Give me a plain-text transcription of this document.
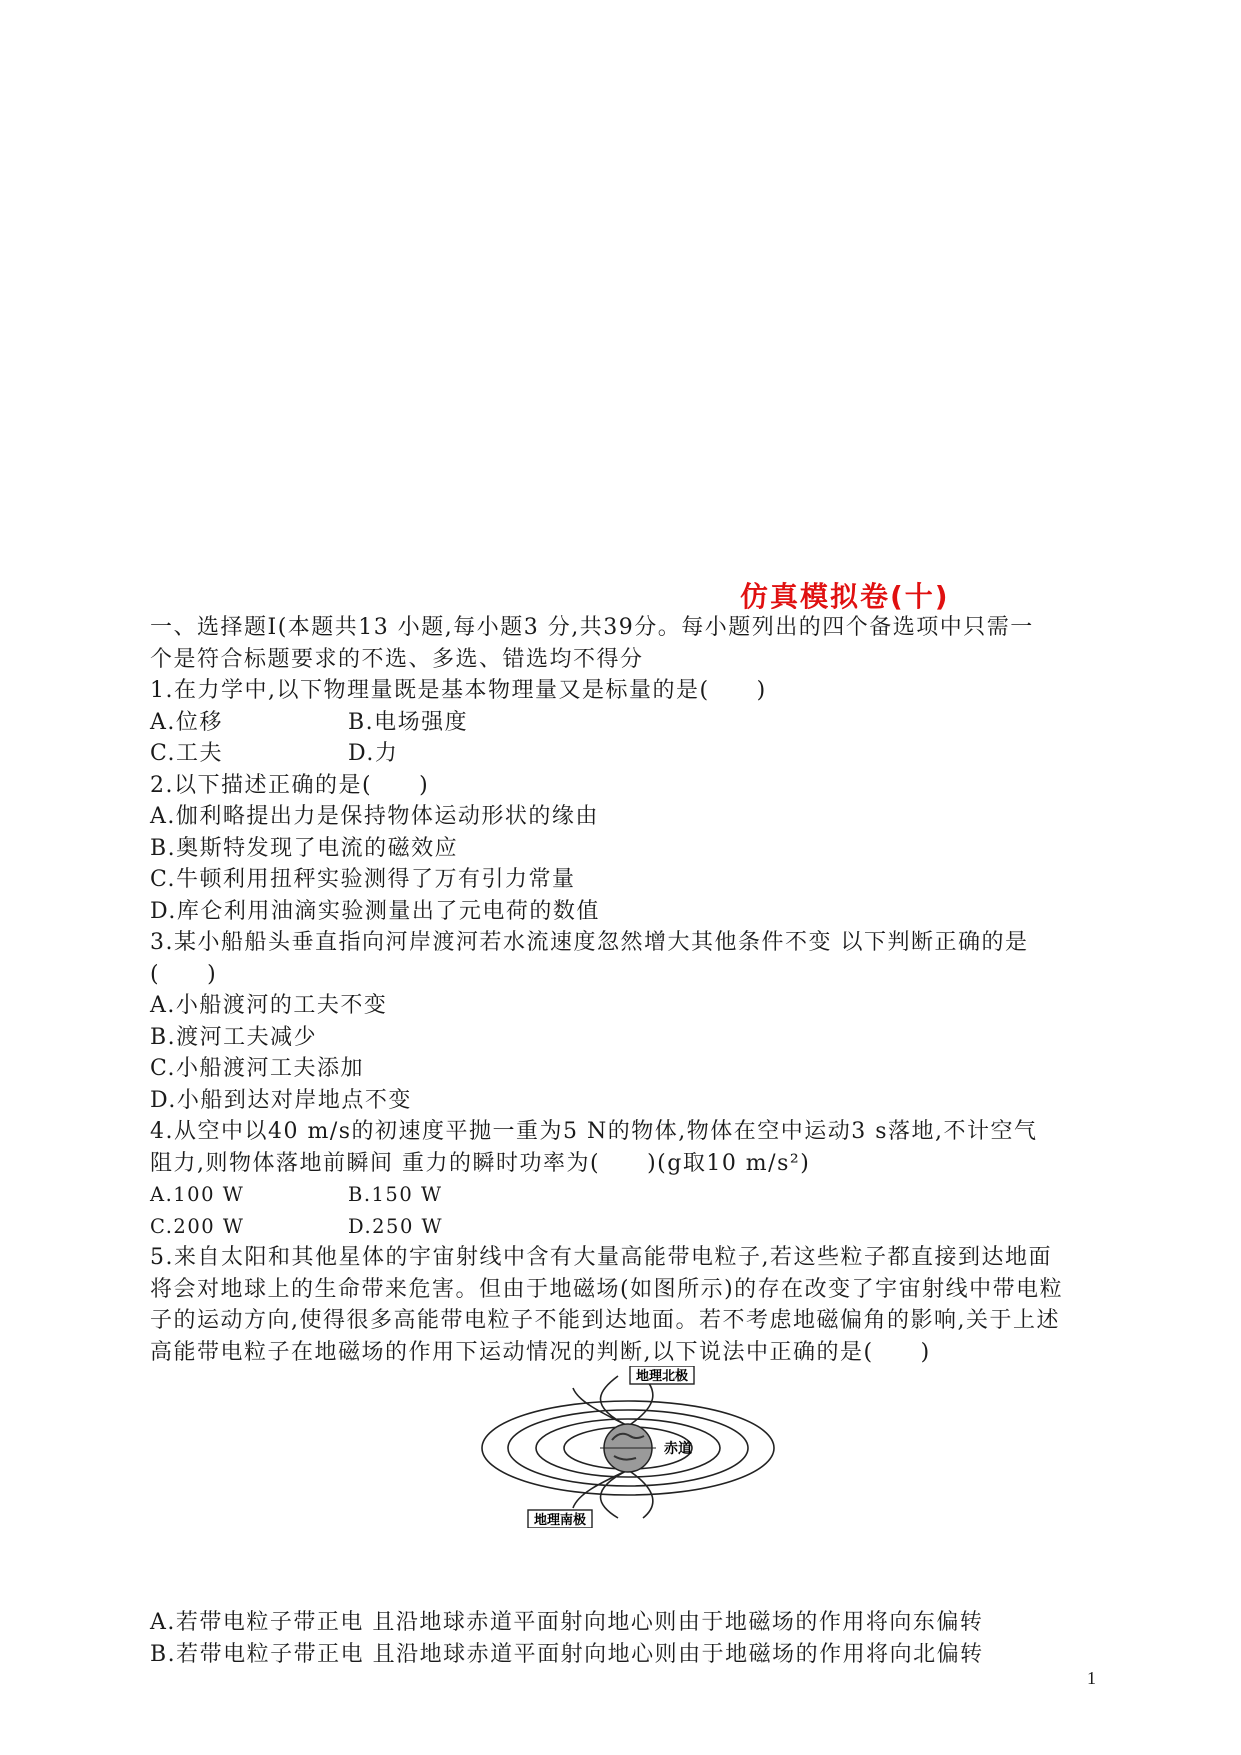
仿真模拟卷(十)
一、选择题Ⅰ(本题共13 小题,每小题3 分,共39分。每小题列出的四个备选项中只需一
个是符合标题要求的不选、多选、错选均不得分
1.在力学中,以下物理量既是基本物理量又是标量的是(　　)
A.位移	B.电场强度
C.工夫	D.力
2.以下描述正确的是(　　)
A.伽利略提出力是保持物体运动形状的缘由
B.奥斯特发现了电流的磁效应
C.牛顿利用扭秤实验测得了万有引力常量
D.库仑利用油滴实验测量出了元电荷的数值
3.某小船船头垂直指向河岸渡河若水流速度忽然增大其他条件不变 以下判断正确的是
(　　)
A.小船渡河的工夫不变
B.渡河工夫减少
C.小船渡河工夫添加
D.小船到达对岸地点不变
4.从空中以40 m/s的初速度平抛一重为5 N的物体,物体在空中运动3 s落地,不计空气
阻力,则物体落地前瞬间 重力的瞬时功率为(　　)(g取10 m/s²)
A.100 W	B.150 W
C.200 W	D.250 W
5.来自太阳和其他星体的宇宙射线中含有大量高能带电粒子,若这些粒子都直接到达地面
将会对地球上的生命带来危害。但由于地磁场(如图所示)的存在改变了宇宙射线中带电粒
子的运动方向,使得很多高能带电粒子不能到达地面。若不考虑地磁偏角的影响,关于上述
高能带电粒子在地磁场的作用下运动情况的判断,以下说法中正确的是(　　)
A.若带电粒子带正电 且沿地球赤道平面射向地心则由于地磁场的作用将向东偏转
B.若带电粒子带正电 且沿地球赤道平面射向地心则由于地磁场的作用将向北偏转
地理北极
地理南极
赤道
1
